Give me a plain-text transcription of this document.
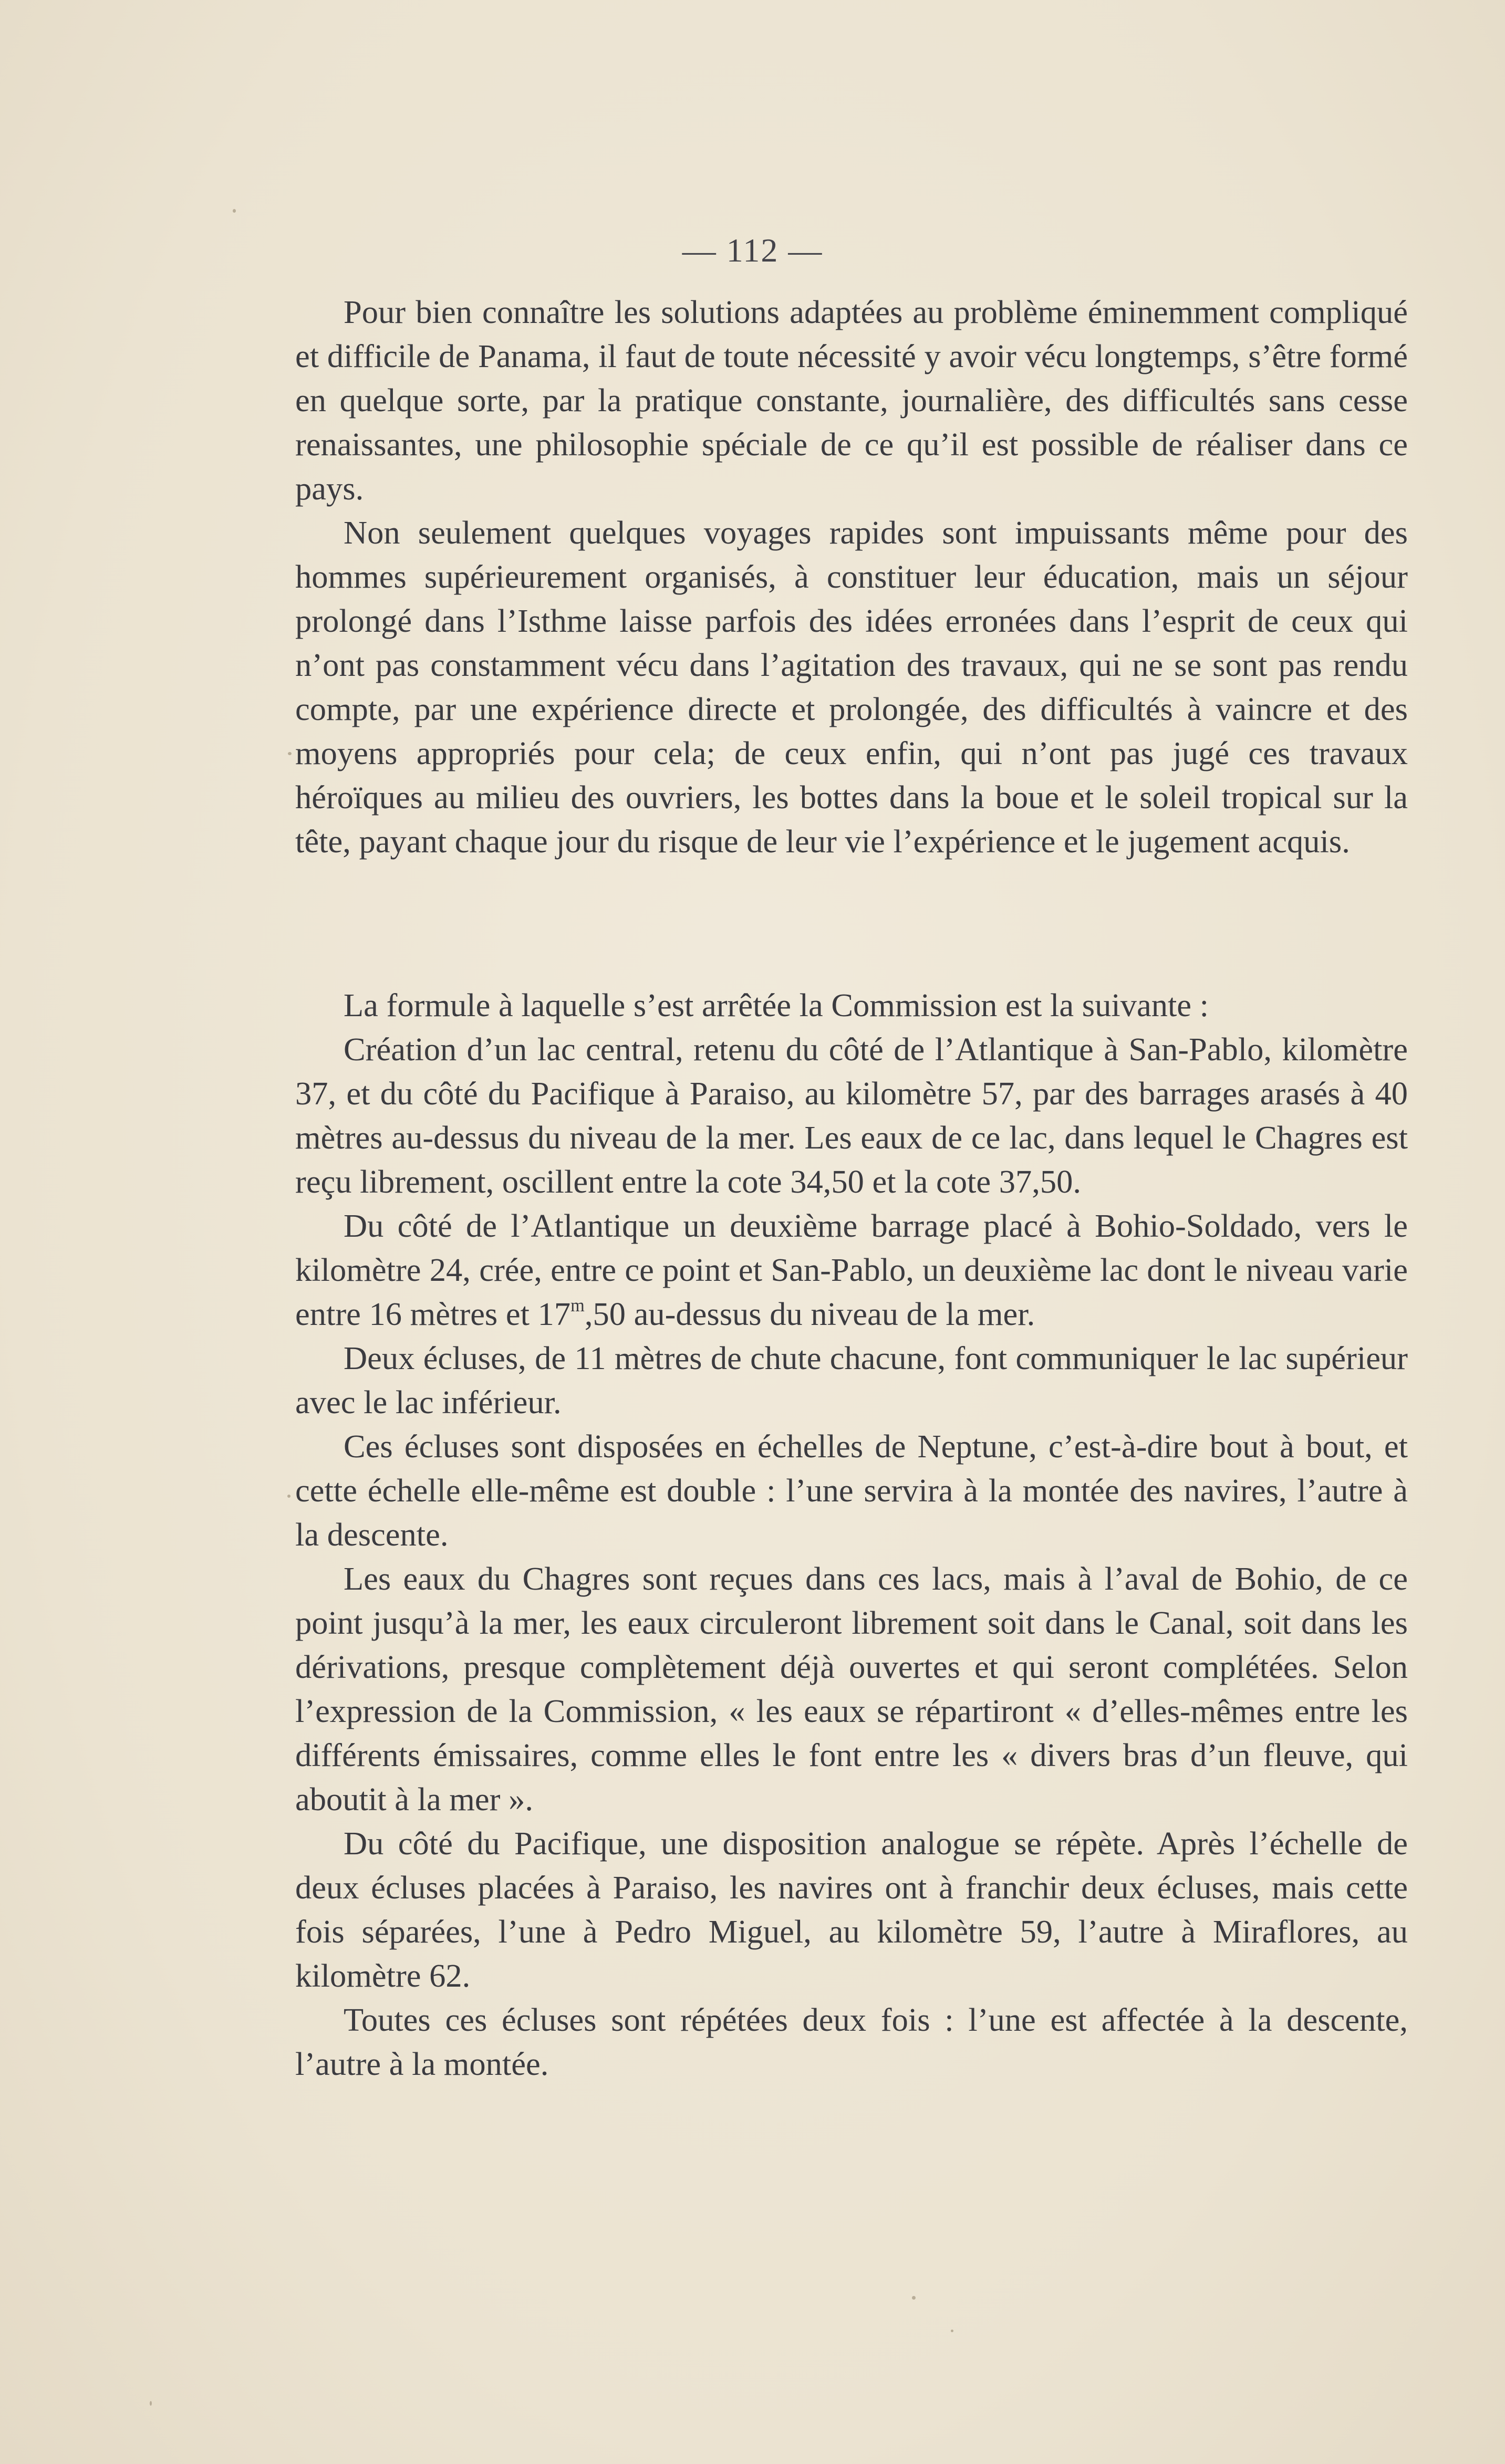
— 112 —

Pour bien connaître les solutions adaptées au problème éminemment compliqué et difficile de Panama, il faut de toute nécessité y avoir vécu longtemps, s’être formé en quelque sorte, par la pratique constante, journalière, des difficultés sans cesse renaissantes, une philosophie spéciale de ce qu’il est possible de réaliser dans ce pays.

Non seulement quelques voyages rapides sont impuissants même pour des hommes supérieurement organisés, à constituer leur éducation, mais un séjour prolongé dans l’Isthme laisse parfois des idées erronées dans l’esprit de ceux qui n’ont pas constamment vécu dans l’agitation des travaux, qui ne se sont pas rendu compte, par une expérience directe et prolongée, des difficultés à vaincre et des moyens appropriés pour cela; de ceux enfin, qui n’ont pas jugé ces travaux héroïques au milieu des ouvriers, les bottes dans la boue et le soleil tropical sur la tête, payant chaque jour du risque de leur vie l’expérience et le jugement acquis.

La formule à laquelle s’est arrêtée la Commission est la suivante :

Création d’un lac central, retenu du côté de l’Atlantique à San-Pablo, kilomètre 37, et du côté du Pacifique à Paraiso, au kilomètre 57, par des barrages arasés à 40 mètres au-dessus du niveau de la mer. Les eaux de ce lac, dans lequel le Chagres est reçu librement, oscillent entre la cote 34,50 et la cote 37,50.

Du côté de l’Atlantique un deuxième barrage placé à Bohio-Soldado, vers le kilomètre 24, crée, entre ce point et San-Pablo, un deuxième lac dont le niveau varie entre 16 mètres et 17$^m$,50 au-dessus du niveau de la mer.

Deux écluses, de 11 mètres de chute chacune, font communiquer le lac supérieur avec le lac inférieur.

Ces écluses sont disposées en échelles de Neptune, c’est-à-dire bout à bout, et cette échelle elle-même est double : l’une servira à la montée des navires, l’autre à la descente.

Les eaux du Chagres sont reçues dans ces lacs, mais à l’aval de Bohio, de ce point jusqu’à la mer, les eaux circuleront librement soit dans le Canal, soit dans les dérivations, presque complètement déjà ouvertes et qui seront complétées. Selon l’expression de la Commission, « les eaux se répartiront « d’elles-mêmes entre les différents émissaires, comme elles le font entre les « divers bras d’un fleuve, qui aboutit à la mer ».

Du côté du Pacifique, une disposition analogue se répète. Après l’échelle de deux écluses placées à Paraiso, les navires ont à franchir deux écluses, mais cette fois séparées, l’une à Pedro Miguel, au kilomètre 59, l’autre à Miraflores, au kilomètre 62.

Toutes ces écluses sont répétées deux fois : l’une est affectée à la descente, l’autre à la montée.
